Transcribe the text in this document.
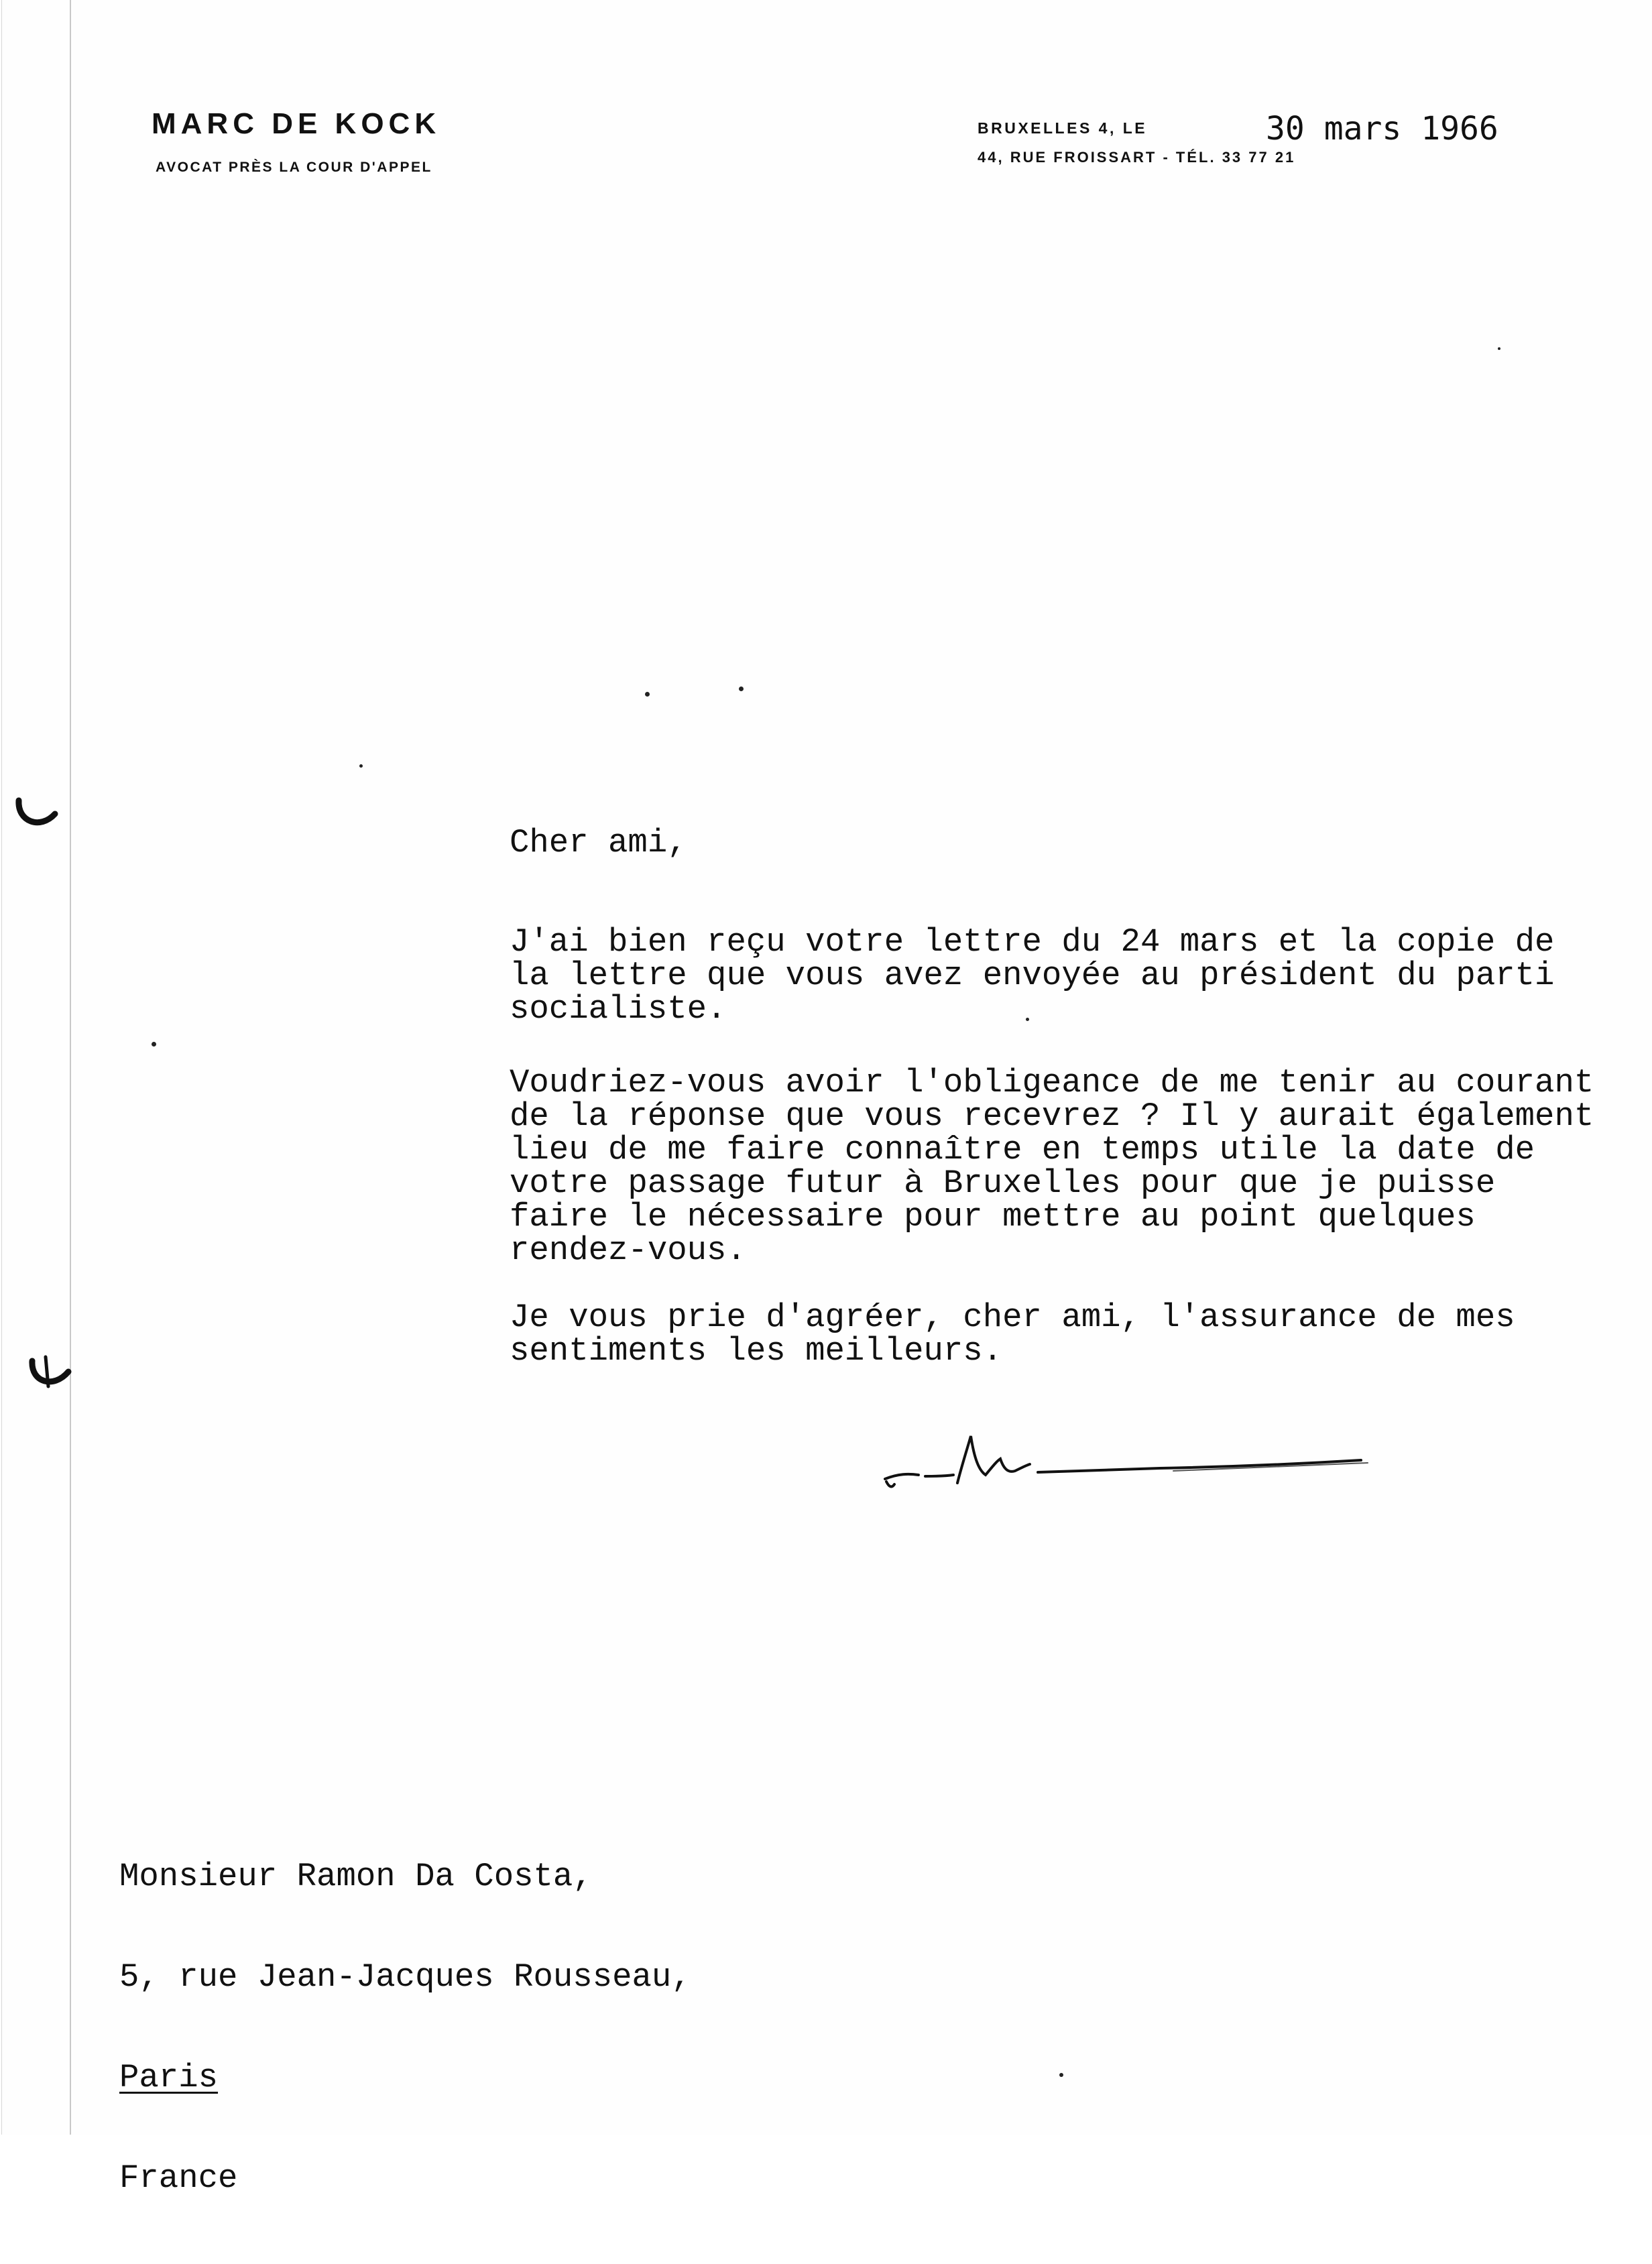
MARC DE KOCK
AVOCAT PRÈS LA COUR D'APPEL
BRUXELLES 4, LE
44, RUE FROISSART - TÉL. 33 77 21
30 mars 1966
Cher ami,
J'ai bien reçu votre lettre du 24 mars et la copie de
la lettre que vous avez envoyée au président du parti
socialiste.
Voudriez-vous avoir l'obligeance de me tenir au courant
de la réponse que vous recevrez ? Il y aurait également
lieu de me faire connaître en temps utile la date de
votre passage futur à Bruxelles pour que je puisse
faire le nécessaire pour mettre au point quelques
rendez-vous.
Je vous prie d'agréer, cher ami, l'assurance de mes
sentiments les meilleurs.

Monsieur Ramon Da Costa,

5, rue Jean-Jacques Rousseau,

Paris

France
